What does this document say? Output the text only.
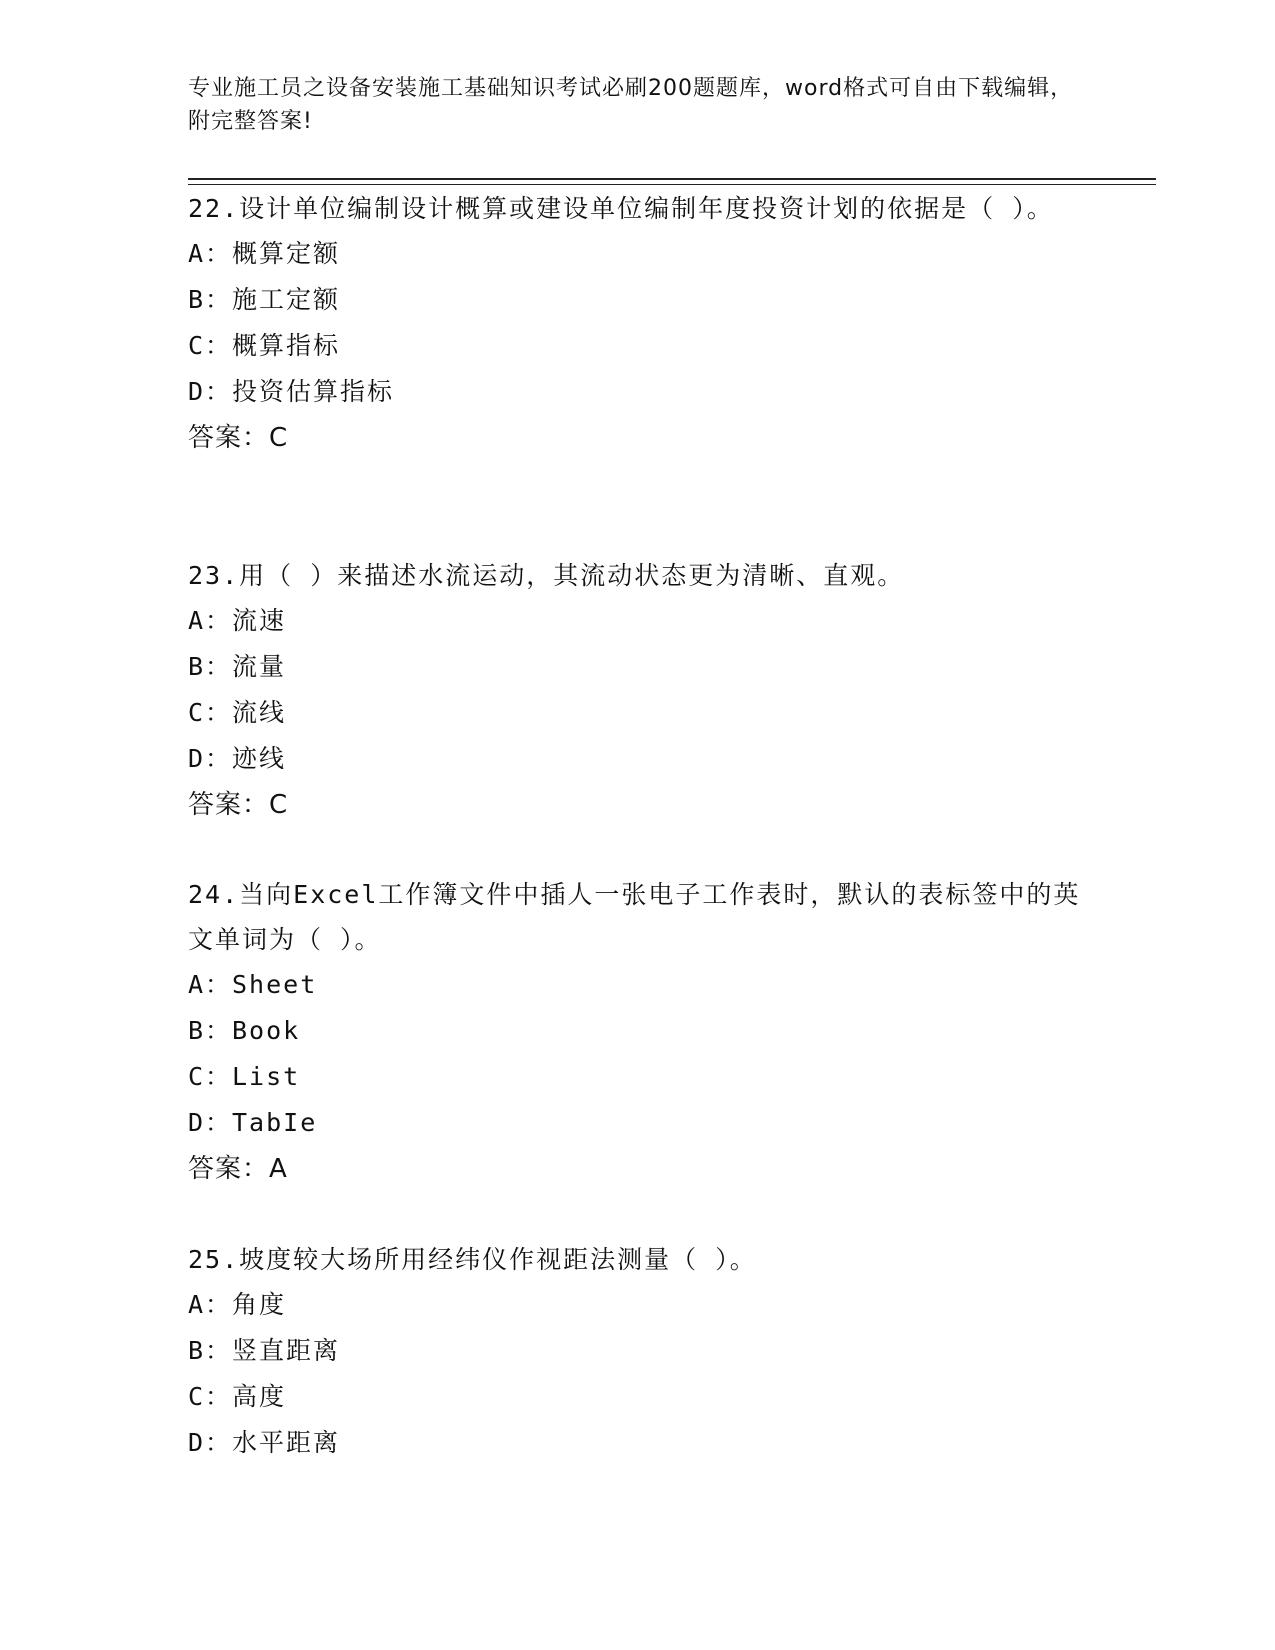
专业施工员之设备安装施工基础知识考试必刷200题题库，word格式可自由下载编辑，附完整答案!

22.设计单位编制设计概算或建设单位编制年度投资计划的依据是（ ）。

A：概算定额
B：施工定额
C：概算指标
D：投资估算指标
答案：C

23.用（ ）来描述水流运动，其流动状态更为清晰、直观。

A：流速
B：流量
C：流线
D：迹线
答案：C

24.当向Excel工作簿文件中插人一张电子工作表时，默认的表标签中的英文单词为（ ）。

A：Sheet
B：Book
C：List
D：TabIe
答案：A

25.坡度较大场所用经纬仪作视距法测量（ ）。

A：角度
B：竖直距离
C：高度
D：水平距离
